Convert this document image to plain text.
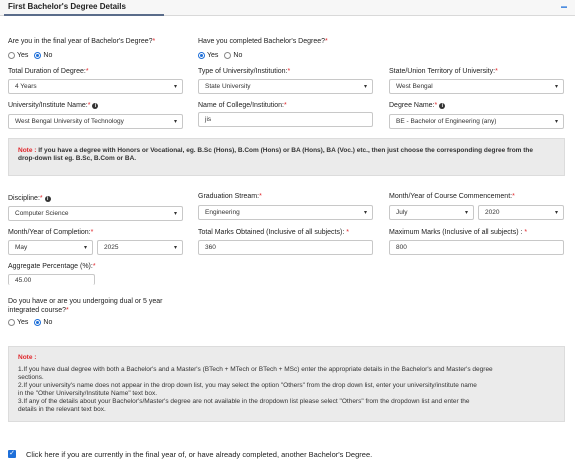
First Bachelor's Degree Details	−
Are you in the final year of Bachelor's Degree?*
Yes No
Have you completed Bachelor's Degree?*
Yes No
Total Duration of Degree:*
4 Years ▾
Type of University/Institution:*
State University ▾
State/Union Territory of University:*
West Bengal ▾
University/Institute Name:* i
West Bengal University of Technology ▾
Name of College/Institution:*
jis
Degree Name:* i
BE - Bachelor of Engineering (any) ▾
Note : If you have a degree with Honors or Vocational, eg. B.Sc (Hons), B.Com (Hons) or BA (Hons), BA (Voc.) etc., then just choose the corresponding degree from the
drop-down list eg. B.Sc, B.Com or BA.
Discipline:* i
Computer Science ▾
Graduation Stream:*
Engineering ▾
Month/Year of Course Commencement:*
July ▾	2020 ▾
Month/Year of Completion:*
May ▾	2025 ▾
Total Marks Obtained (Inclusive of all subjects): *
360
Maximum Marks (Inclusive of all subjects) : *
800
Aggregate Percentage (%):*
45.00
Do you have or are you undergoing dual or 5 year
integrated course?*
Yes No
Note :

1.If you have dual degree with both a Bachelor's and a Master's (BTech + MTech or BTech + MSc) enter the appropriate details in the Bachelor's and Master's degree
sections.
2.If your university's name does not appear in the drop down list, you may select the option "Others" from the drop down list, enter your university/institute name
in the "Other University/Institute Name" text box.
3.If any of the details about your Bachelor's/Master's degree are not available in the dropdown list please select "Others" from the dropdown list and enter the
details in the relevant text box.
✓ Click here if you are currently in the final year of, or have already completed, another Bachelor's Degree.
